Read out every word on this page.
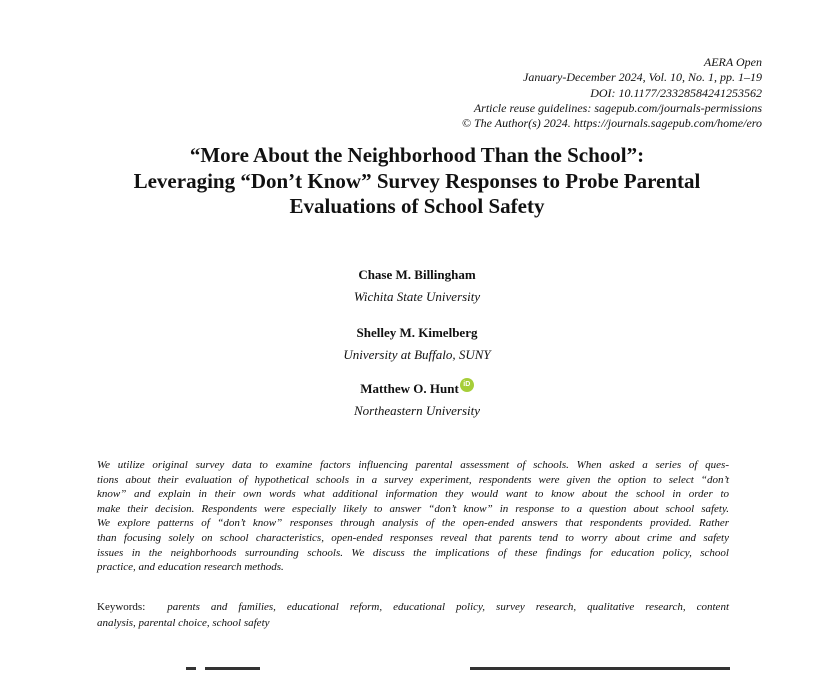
AERA Open
January-December 2024, Vol. 10, No. 1, pp. 1–19
DOI: 10.1177/23328584241253562
Article reuse guidelines: sagepub.com/journals-permissions
© The Author(s) 2024. https://journals.sagepub.com/home/ero
“More About the Neighborhood Than the School”:
Leveraging “Don’t Know” Survey Responses to Probe Parental
Evaluations of School Safety
Chase M. Billingham
Wichita State University
Shelley M. Kimelberg
University at Buffalo, SUNY
Matthew O. Hunt iD
Northeastern University
We utilize original survey data to examine factors influencing parental assessment of schools. When asked a series of ques-
tions about their evaluation of hypothetical schools in a survey experiment, respondents were given the option to select “don’t
know” and explain in their own words what additional information they would want to know about the school in order to
make their decision. Respondents were especially likely to answer “don’t know” in response to a question about school safety.
We explore patterns of “don’t know” responses through analysis of the open-ended answers that respondents provided. Rather
than focusing solely on school characteristics, open-ended responses reveal that parents tend to worry about crime and safety
issues in the neighborhoods surrounding schools. We discuss the implications of these findings for education policy, school
practice, and education research methods.
Keywords: parents and families, educational reform, educational policy, survey research, qualitative research, content
analysis, parental choice, school safety
